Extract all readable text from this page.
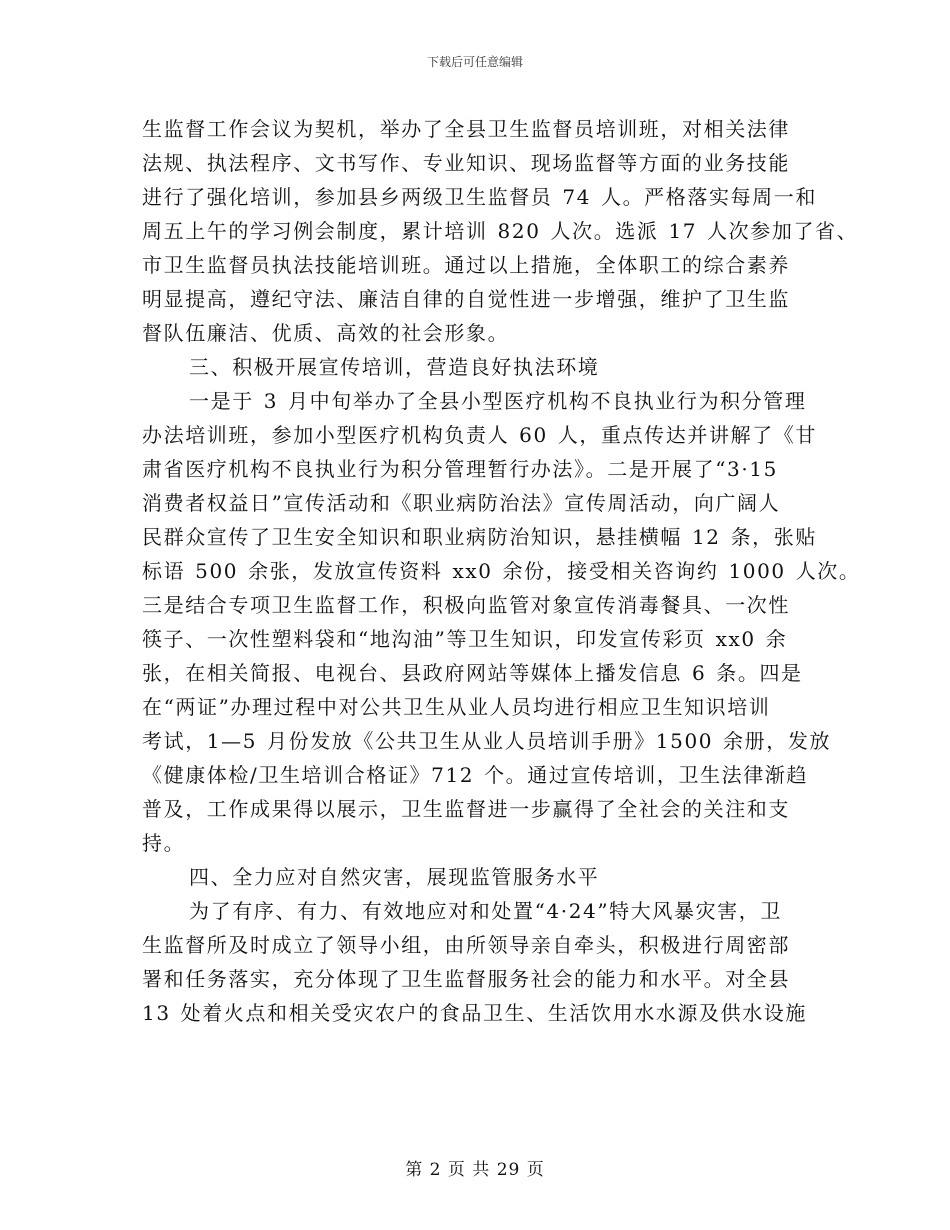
下载后可任意编辑
生监督工作会议为契机，举办了全县卫生监督员培训班，对相关法律
法规、执法程序、文书写作、专业知识、现场监督等方面的业务技能
进行了强化培训，参加县乡两级卫生监督员 74 人。严格落实每周一和
周五上午的学习例会制度，累计培训 820 人次。选派 17 人次参加了省、
市卫生监督员执法技能培训班。通过以上措施，全体职工的综合素养
明显提高，遵纪守法、廉洁自律的自觉性进一步增强，维护了卫生监
督队伍廉洁、优质、高效的社会形象。
三、积极开展宣传培训，营造良好执法环境
一是于 3 月中旬举办了全县小型医疗机构不良执业行为积分管理
办法培训班，参加小型医疗机构负责人 60 人，重点传达并讲解了《甘
肃省医疗机构不良执业行为积分管理暂行办法》。二是开展了“3·15
消费者权益日”宣传活动和《职业病防治法》宣传周活动，向广阔人
民群众宣传了卫生安全知识和职业病防治知识，悬挂横幅 12 条，张贴
标语 500 余张，发放宣传资料 xx0 余份，接受相关咨询约 1000 人次。
三是结合专项卫生监督工作，积极向监管对象宣传消毒餐具、一次性
筷子、一次性塑料袋和“地沟油”等卫生知识，印发宣传彩页 xx0 余
张，在相关简报、电视台、县政府网站等媒体上播发信息 6 条。四是
在“两证”办理过程中对公共卫生从业人员均进行相应卫生知识培训
考试，1—5 月份发放《公共卫生从业人员培训手册》1500 余册，发放
《健康体检/卫生培训合格证》712 个。通过宣传培训，卫生法律渐趋
普及，工作成果得以展示，卫生监督进一步赢得了全社会的关注和支
持。
四、全力应对自然灾害，展现监管服务水平
为了有序、有力、有效地应对和处置“4·24”特大风暴灾害，卫
生监督所及时成立了领导小组，由所领导亲自牵头，积极进行周密部
署和任务落实，充分体现了卫生监督服务社会的能力和水平。对全县
13 处着火点和相关受灾农户的食品卫生、生活饮用水水源及供水设施
第 2 页 共 29 页
